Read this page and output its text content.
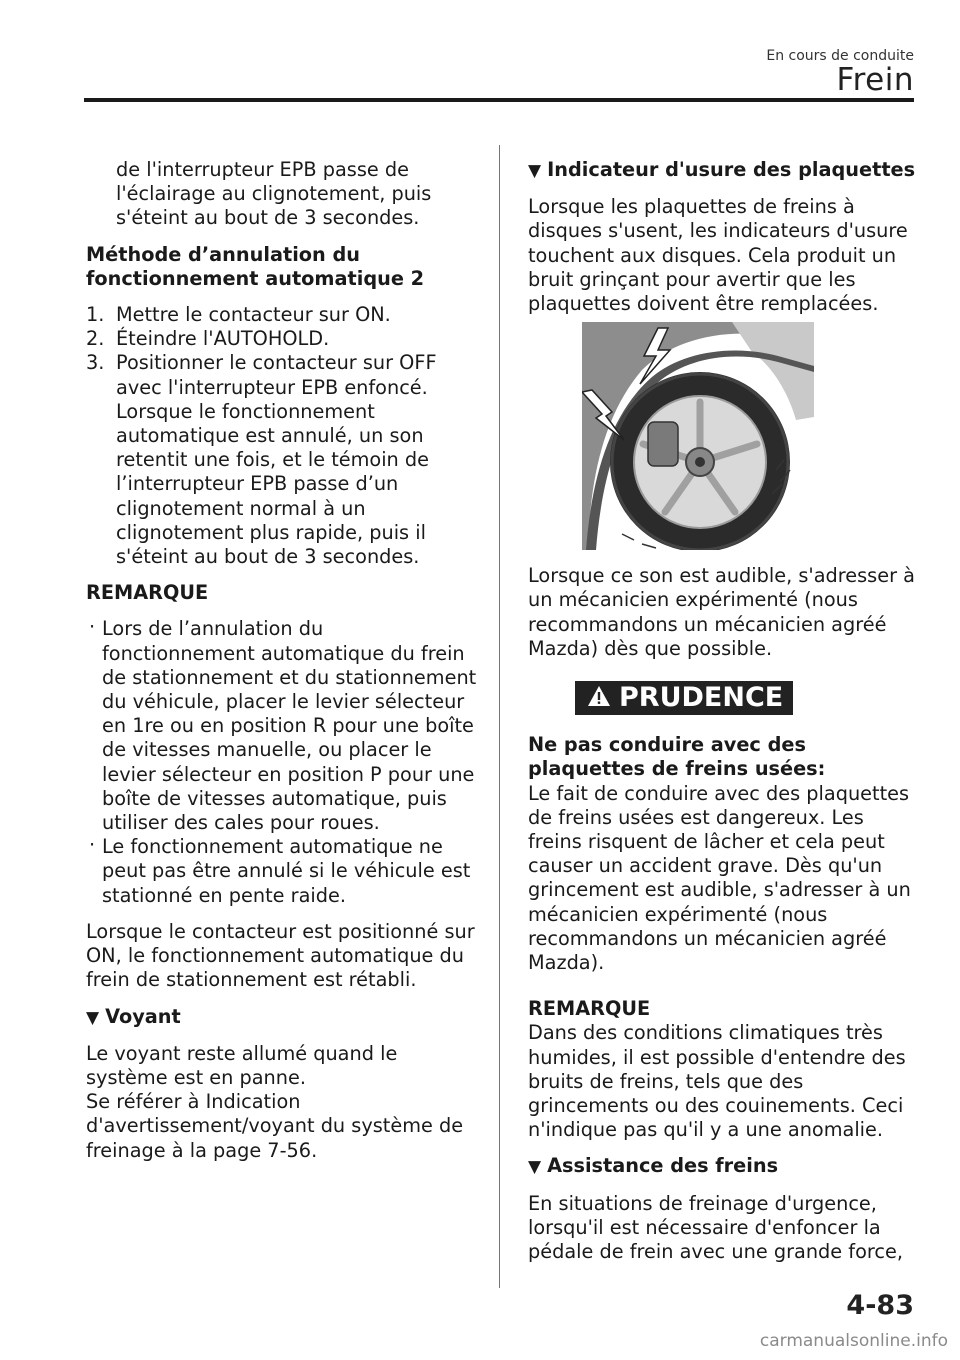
En cours de conduite
Frein

de l'interrupteur EPB passe de l'éclairage au clignotement, puis s'éteint au bout de 3 secondes.

Méthode d’annulation du
fonctionnement automatique 2

1. Mettre le contacteur sur ON.
2. Éteindre l'AUTOHOLD.
3. Positionner le contacteur sur OFF avec l'interrupteur EPB enfoncé. Lorsque le fonctionnement automatique est annulé, un son retentit une fois, et le témoin de l’interrupteur EPB passe d’un clignotement normal à un clignotement plus rapide, puis il s'éteint au bout de 3 secondes.

REMARQUE

· Lors de l’annulation du fonctionnement automatique du frein de stationnement et du stationnement du véhicule, placer le levier sélecteur en 1re ou en position R pour une boîte de vitesses manuelle, ou placer le levier sélecteur en position P pour une boîte de vitesses automatique, puis utiliser des cales pour roues.
· Le fonctionnement automatique ne peut pas être annulé si le véhicule est stationné en pente raide.

Lorsque le contacteur est positionné sur ON, le fonctionnement automatique du frein de stationnement est rétabli.

▼ Voyant

Le voyant reste allumé quand le système est en panne.
Se référer à Indication d'avertissement/voyant du système de freinage à la page 7-56.

▼ Indicateur d'usure des plaquettes

Lorsque les plaquettes de freins à disques s'usent, les indicateurs d'usure touchent aux disques. Cela produit un bruit grinçant pour avertir que les plaquettes doivent être remplacées.

Lorsque ce son est audible, s'adresser à un mécanicien expérimenté (nous recommandons un mécanicien agréé Mazda) dès que possible.

PRUDENCE

Ne pas conduire avec des plaquettes de freins usées:

Le fait de conduire avec des plaquettes de freins usées est dangereux. Les freins risquent de lâcher et cela peut causer un accident grave. Dès qu'un grincement est audible, s'adresser à un mécanicien expérimenté (nous recommandons un mécanicien agréé Mazda).

REMARQUE

Dans des conditions climatiques très humides, il est possible d'entendre des bruits de freins, tels que des grincements ou des couinements. Ceci n'indique pas qu'il y a une anomalie.

▼ Assistance des freins

En situations de freinage d'urgence, lorsqu'il est nécessaire d'enfoncer la pédale de frein avec une grande force,

4-83
carmanualsonline.info
